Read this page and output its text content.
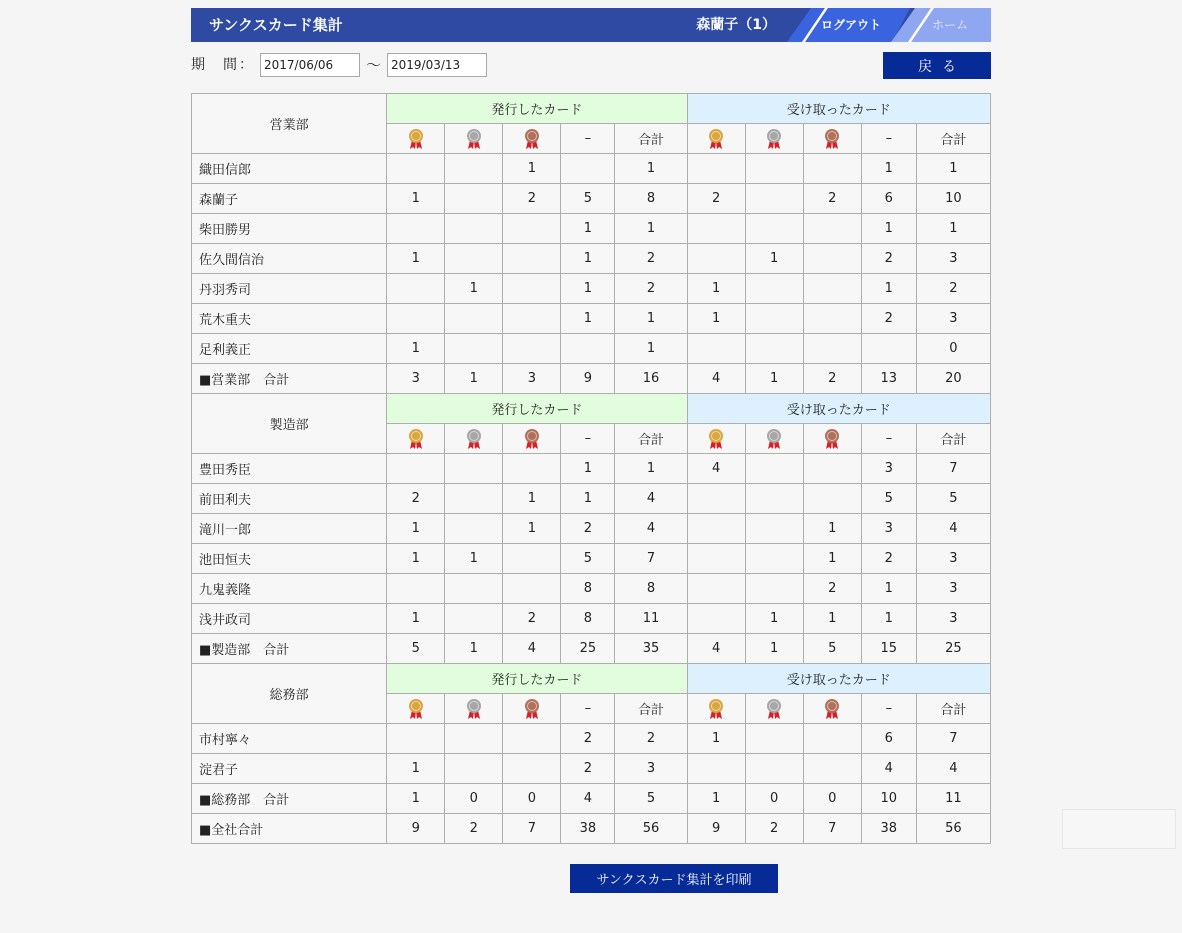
サンクスカード集計	森蘭子（1）	ログアウト	ホーム
期　間：
2017/06/06	〜
2019/03/13	戻る
営業部	発行したカード					受け取ったカード				
			–	合計				–	合計
織田信郎			1		1				1	1
森蘭子	1		2	5	8	2		2	6	10
柴田勝男				1	1				1	1
佐久間信治	1			1	2		1		2	3
丹羽秀司		1		1	2	1			1	2
荒木重夫				1	1	1			2	3
足利義正	1				1					0
■営業部　合計	3	1	3	9	16	4	1	2	13	20
製造部	発行したカード					受け取ったカード				
			–	合計				–	合計
豊田秀臣				1	1	4			3	7
前田利夫	2		1	1	4				5	5
滝川一郎	1		1	2	4			1	3	4
池田恒夫	1	1		5	7			1	2	3
九鬼義隆				8	8			2	1	3
浅井政司	1		2	8	11		1	1	1	3
■製造部　合計	5	1	4	25	35	4	1	5	15	25
総務部	発行したカード					受け取ったカード				
			–	合計				–	合計
市村寧々				2	2	1			6	7
淀君子	1			2	3				4	4
■総務部　合計	1	0	0	4	5	1	0	0	10	11
■全社合計	9	2	7	38	56	9	2	7	38	56
サンクスカード集計を印刷
